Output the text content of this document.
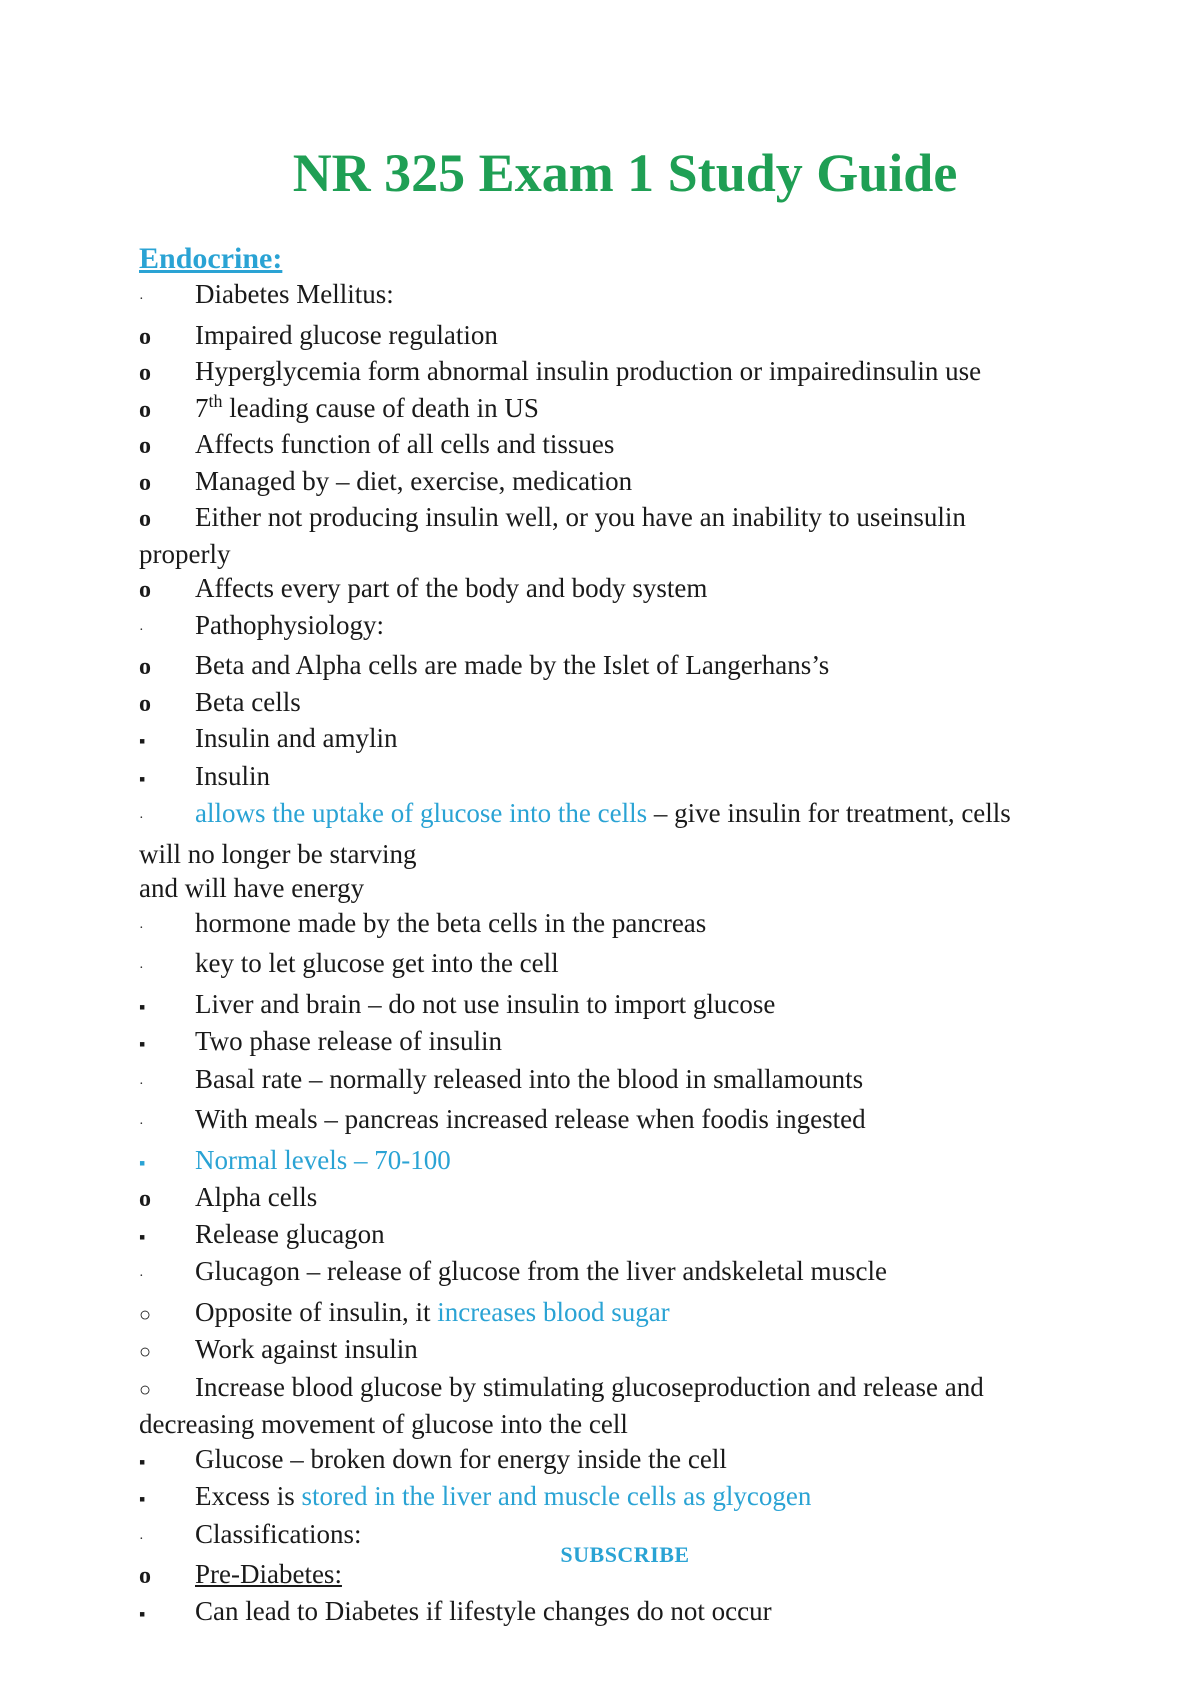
NR 325 Exam 1 Study Guide
Endocrine:
·	Diabetes Mellitus:
o	Impaired glucose regulation
o	Hyperglycemia form abnormal insulin production or impairedinsulin use
o	7th leading cause of death in US
o	Affects function of all cells and tissues
o	Managed by – diet, exercise, medication
o	Either not producing insulin well, or you have an inability to useinsulin
properly
o	Affects every part of the body and body system
·	Pathophysiology:
o	Beta and Alpha cells are made by the Islet of Langerhans’s
o	Beta cells
▪	Insulin and amylin
▪	Insulin
·	allows the uptake of glucose into the cells – give insulin for treatment, cells
will no longer be starving
and will have energy
·	hormone made by the beta cells in the pancreas
·	key to let glucose get into the cell
▪	Liver and brain – do not use insulin to import glucose
▪	Two phase release of insulin
·	Basal rate – normally released into the blood in smallamounts
·	With meals – pancreas increased release when foodis ingested
▪	Normal levels – 70-100
o	Alpha cells
▪	Release glucagon
·	Glucagon – release of glucose from the liver andskeletal muscle
○	Opposite of insulin, it increases blood sugar
○	Work against insulin
○	Increase blood glucose by stimulating glucoseproduction and release and
decreasing movement of glucose into the cell
▪	Glucose – broken down for energy inside the cell
▪	Excess is stored in the liver and muscle cells as glycogen
·	Classifications:
o	Pre-Diabetes:
▪	Can lead to Diabetes if lifestyle changes do not occur
SUBSCRIBE
